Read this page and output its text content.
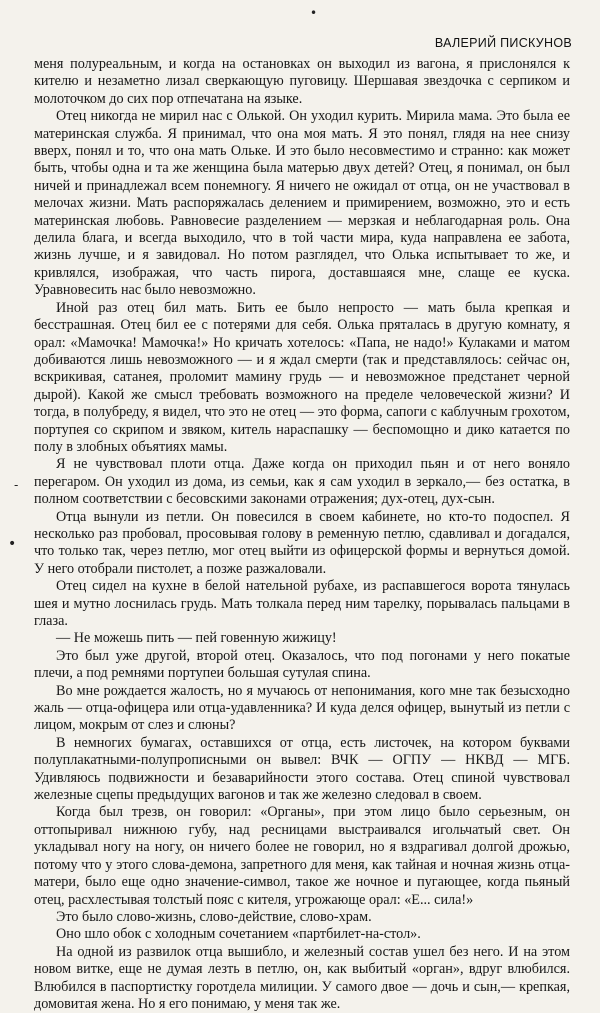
•
ВАЛЕРИЙ ПИСКУНОВ
-
•

меня полуреальным, и когда на остановках он выходил из вагона, я прислонялся к кителю и незаметно лизал сверкающую пуговицу. Шершавая звездочка с серпиком и молоточком до сих пор отпечатана на языке.

Отец никогда не мирил нас с Олькой. Он уходил курить. Мирила мама. Это была ее материнская служба. Я принимал, что она моя мать. Я это понял, глядя на нее снизу вверх, понял и то, что она мать Ольке. И это было несовместимо и странно: как может быть, чтобы одна и та же женщина была матерью двух детей? Отец, я понимал, он был ничей и принадлежал всем понемногу. Я ничего не ожидал от отца, он не участвовал в мелочах жизни. Мать распоряжалась делением и примирением, возможно, это и есть материнская любовь. Равновесие разделением — мерзкая и неблагодарная роль. Она делила блага, и всегда выходило, что в той части мира, куда направлена ее забота, жизнь лучше, и я завидовал. Но потом разглядел, что Олька испытывает то же, и кривлялся, изображая, что часть пирога, доставшаяся мне, слаще ее куска. Уравновесить нас было невозможно.

Иной раз отец бил мать. Бить ее было непросто — мать была крепкая и бесстрашная. Отец бил ее с потерями для себя. Олька пряталась в другую комнату, я орал: «Мамочка! Мамочка!» Но кричать хотелось: «Папа, не надо!» Кулаками и матом добиваются лишь невозможного — и я ждал смерти (так и представлялось: сейчас он, вскрикивая, сатанея, проломит мамину грудь — и невозможное предстанет черной дырой). Какой же смысл требовать возможного на пределе человеческой жизни? И тогда, в полубреду, я видел, что это не отец — это форма, сапоги с каблучным грохотом, портупея со скрипом и звяком, китель нараспашку — беспомощно и дико катается по полу в злобных объятиях мамы.

Я не чувствовал плоти отца. Даже когда он приходил пьян и от него воняло перегаром. Он уходил из дома, из семьи, как я сам уходил в зеркало,— без остатка, в полном соответствии с бесовскими законами отражения; дух-отец, дух-сын.

Отца вынули из петли. Он повесился в своем кабинете, но кто-то подоспел. Я несколько раз пробовал, просовывая голову в ременную петлю, сдавливал и догадался, что только так, через петлю, мог отец выйти из офицерской формы и вернуться домой. У него отобрали пистолет, а позже разжаловали.

Отец сидел на кухне в белой нательной рубахе, из распавшегося ворота тянулась шея и мутно лоснилась грудь. Мать толкала перед ним тарелку, порывалась пальцами в глаза.

— Не можешь пить — пей говенную жижицу!

Это был уже другой, второй отец. Оказалось, что под погонами у него покатые плечи, а под ремнями портупеи большая сутулая спина.

Во мне рождается жалость, но я мучаюсь от непонимания, кого мне так безысходно жаль — отца-офицера или отца-удавленника? И куда делся офицер, вынутый из петли с лицом, мокрым от слез и слюны?

В немногих бумагах, оставшихся от отца, есть листочек, на котором буквами полуплакатными-полупрописными он вывел: ВЧК — ОГПУ — НКВД — МГБ. Удивляюсь подвижности и безаварийности этого состава. Отец спиной чувствовал железные сцепы предыдущих вагонов и так же железно следовал в своем.

Когда был трезв, он говорил: «Органы», при этом лицо было серьезным, он оттопыривал нижнюю губу, над ресницами выстраивался игольчатый свет. Он укладывал ногу на ногу, он ничего более не говорил, но я вздрагивал долгой дрожью, потому что у этого слова-демона, запретного для меня, как тайная и ночная жизнь отца-матери, было еще одно значение-символ, такое же ночное и пугающее, когда пьяный отец, расхлестывая толстый пояс с кителя, угрожающе орал: «Е... сила!»

Это было слово-жизнь, слово-действие, слово-храм.

Оно шло обок с холодным сочетанием «партбилет-на-стол».

На одной из развилок отца вышибло, и железный состав ушел без него. И на этом новом витке, еще не думая лезть в петлю, он, как выбитый «орган», вдруг влюбился. Влюбился в паспортистку горотдела милиции. У самого двое — дочь и сын,— крепкая, домовитая жена. Но я его понимаю, у меня так же.
